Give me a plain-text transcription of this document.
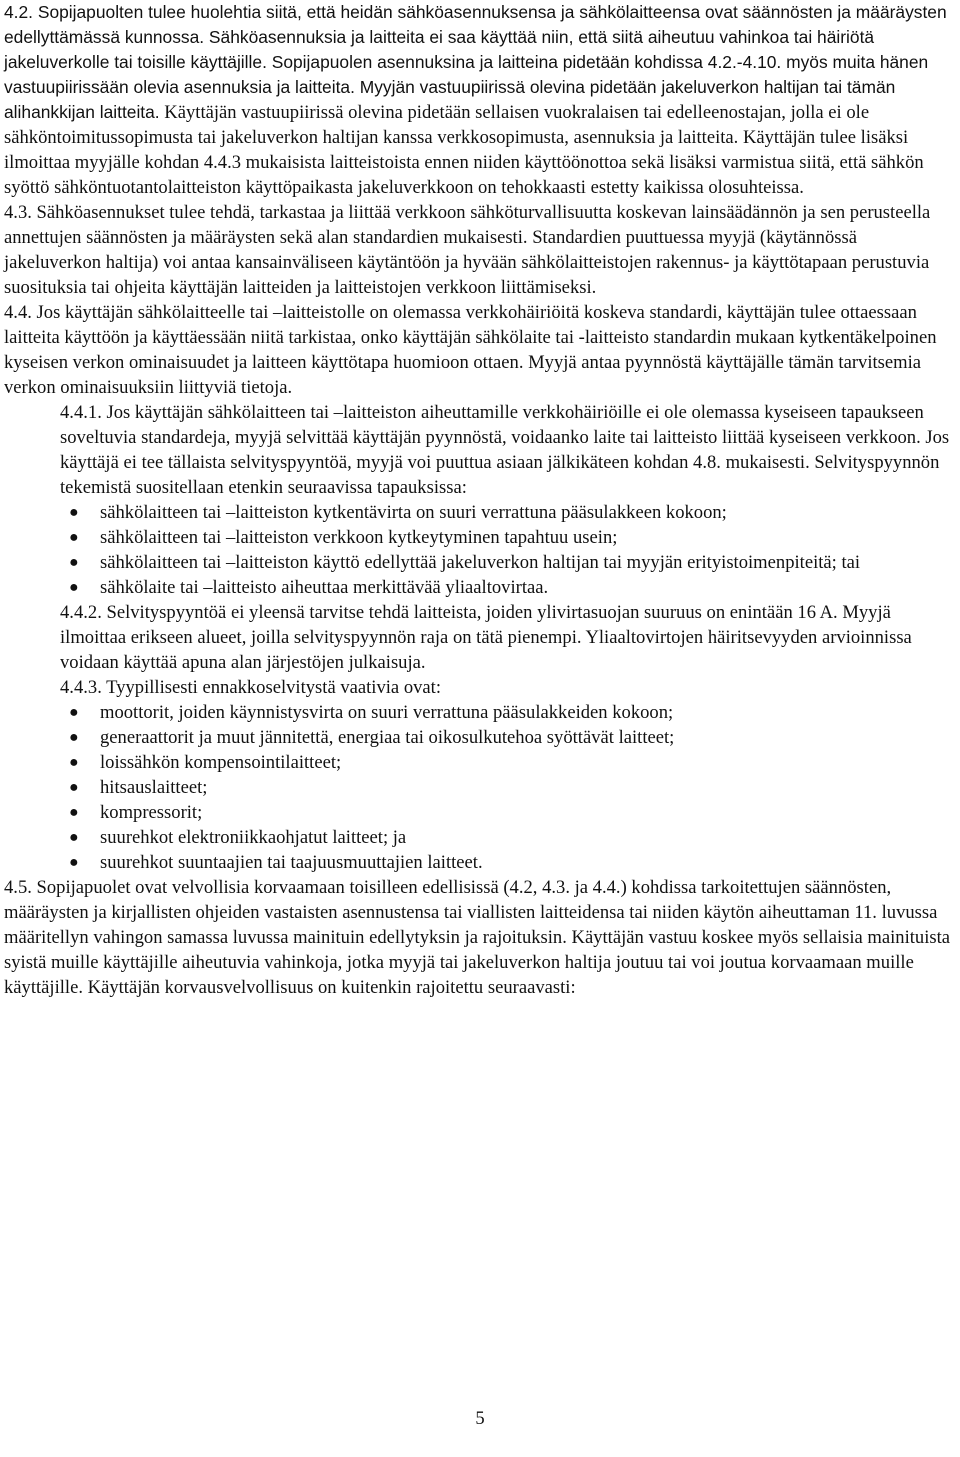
4.2. Sopijapuolten tulee huolehtia siitä, että heidän sähköasennuksensa ja sähkölaitteensa ovat säännösten ja määräysten edellyttämässä kunnossa. Sähköasennuksia ja laitteita ei saa käyttää niin, että siitä aiheutuu vahinkoa tai häiriötä jakeluverkolle tai toisille käyttäjille. Sopijapuolen asennuksina ja laitteina pidetään kohdissa 4.2.-4.10. myös muita hänen vastuupiirissään olevia asennuksia ja laitteita. Myyjän vastuupiirissä olevina pidetään jakeluverkon haltijan tai tämän alihankkijan laitteita. Käyttäjän vastuupiirissä olevina pidetään sellaisen vuokralaisen tai edelleenostajan, jolla ei ole sähköntoimitussopimusta tai jakeluverkon haltijan kanssa verkkosopimusta, asennuksia ja laitteita. Käyttäjän tulee lisäksi ilmoittaa myyjälle kohdan 4.4.3 mukaisista laitteistoista ennen niiden käyttöönottoa sekä lisäksi varmistua siitä, että sähkön syöttö sähköntuotantolaitteiston käyttöpaikasta jakeluverkkoon on tehokkaasti estetty kaikissa olosuhteissa.

4.3. Sähköasennukset tulee tehdä, tarkastaa ja liittää verkkoon sähköturvallisuutta koskevan lainsäädännön ja sen perusteella annettujen säännösten ja määräysten sekä alan standardien mukaisesti. Standardien puuttuessa myyjä (käytännössä jakeluverkon haltija) voi antaa kansainväliseen käytäntöön ja hyvään sähkölaitteistojen rakennus- ja käyttötapaan perustuvia suosituksia tai ohjeita käyttäjän laitteiden ja laitteistojen verkkoon liittämiseksi.

4.4. Jos käyttäjän sähkölaitteelle tai –laitteistolle on olemassa verkkohäiriöitä koskeva standardi, käyttäjän tulee ottaessaan laitteita käyttöön ja käyttäessään niitä tarkistaa, onko käyttäjän sähkölaite tai -laitteisto standardin mukaan kytkentäkelpoinen kyseisen verkon ominaisuudet ja laitteen käyttötapa huomioon ottaen. Myyjä antaa pyynnöstä käyttäjälle tämän tarvitsemia verkon ominaisuuksiin liittyviä tietoja.

4.4.1. Jos käyttäjän sähkölaitteen tai –laitteiston aiheuttamille verkkohäiriöille ei ole olemassa kyseiseen tapaukseen soveltuvia standardeja, myyjä selvittää käyttäjän pyynnöstä, voidaanko laite tai laitteisto liittää kyseiseen verkkoon. Jos käyttäjä ei tee tällaista selvityspyyntöä, myyjä voi puuttua asiaan jälkikäteen kohdan 4.8. mukaisesti. Selvityspyynnön tekemistä suositellaan etenkin seuraavissa tapauksissa:

● sähkölaitteen tai –laitteiston kytkentävirta on suuri verrattuna pääsulakkeen kokoon;
● sähkölaitteen tai –laitteiston verkkoon kytkeytyminen tapahtuu usein;
● sähkölaitteen tai –laitteiston käyttö edellyttää jakeluverkon haltijan tai myyjän erityistoimenpiteitä; tai
● sähkölaite tai –laitteisto aiheuttaa merkittävää yliaaltovirtaa.

4.4.2. Selvityspyyntöä ei yleensä tarvitse tehdä laitteista, joiden ylivirtasuojan suuruus on enintään 16 A. Myyjä ilmoittaa erikseen alueet, joilla selvityspyynnön raja on tätä pienempi. Yliaaltovirtojen häiritsevyyden arvioinnissa voidaan käyttää apuna alan järjestöjen julkaisuja.

4.4.3. Tyypillisesti ennakkoselvitystä vaativia ovat:

● moottorit, joiden käynnistysvirta on suuri verrattuna pääsulakkeiden kokoon;
● generaattorit ja muut jännitettä, energiaa tai oikosulkutehoa syöttävät laitteet;
● loissähkön kompensointilaitteet;
● hitsauslaitteet;
● kompressorit;
● suurehkot elektroniikkaohjatut laitteet; ja
● suurehkot suuntaajien tai taajuusmuuttajien laitteet.

4.5. Sopijapuolet ovat velvollisia korvaamaan toisilleen edellisissä (4.2, 4.3. ja 4.4.) kohdissa tarkoitettujen säännösten, määräysten ja kirjallisten ohjeiden vastaisten asennustensa tai viallisten laitteidensa tai niiden käytön aiheuttaman 11. luvussa määritellyn vahingon samassa luvussa mainituin edellytyksin ja rajoituksin. Käyttäjän vastuu koskee myös sellaisia mainituista syistä muille käyttäjille aiheutuvia vahinkoja, jotka myyjä tai jakeluverkon haltija joutuu tai voi joutua korvaamaan muille käyttäjille. Käyttäjän korvausvelvollisuus on kuitenkin rajoitettu seuraavasti:

5
